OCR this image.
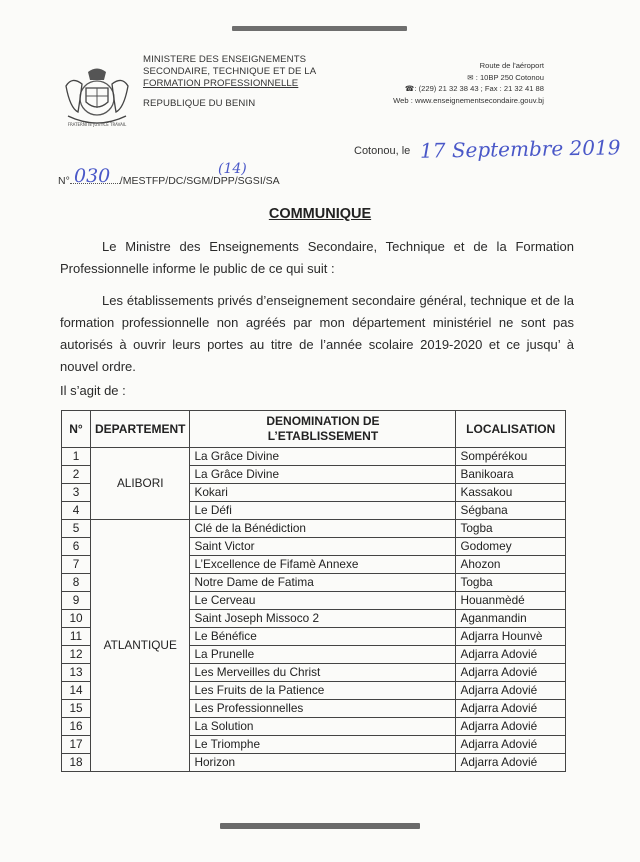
FRATERNITÉ JUSTICE TRAVAIL
MINISTERE DES ENSEIGNEMENTS
SECONDAIRE, TECHNIQUE ET DE LA
FORMATION PROFESSIONNELLE
REPUBLIQUE DU BENIN
Route de l'aéroport
✉ : 10BP 250 Cotonou
☎: (229) 21 32 38 43 ; Fax : 21 32 41 88
Web : www.enseignementsecondaire.gouv.bj
Cotonou, le 17 Septembre 2019
N°	/MESTFP/DC/SGM/DPP/SGSI/SA
030	(14)
COMMUNIQUE
Le Ministre des Enseignements Secondaire, Technique et de la Formation Professionnelle informe le public de ce qui suit :
Les établissements privés d’enseignement secondaire général, technique et de la formation professionnelle non agréés par mon département ministériel ne sont pas autorisés à ouvrir leurs portes au titre de l’année scolaire 2019-2020 et ce jusqu’ à nouvel ordre.
Il s’agit de :
N°	DEPARTEMENT	DENOMINATION DE L’ETABLISSEMENT	LOCALISATION
1	ALIBORI	La Grâce Divine	Sompérékou
2		La Grâce Divine	Banikoara
3		Kokari	Kassakou
4		Le Défi	Ségbana
5	ATLANTIQUE	Clé de la Bénédiction	Togba
6		Saint Victor	Godomey
7		L’Excellence de Fifamè Annexe	Ahozon
8		Notre Dame de Fatima	Togba
9		Le Cerveau	Houanmèdé
10		Saint Joseph Missoco 2	Aganmandin
11		Le Bénéfice	Adjarra Hounvè
12		La Prunelle	Adjarra Adovié
13		Les Merveilles du Christ	Adjarra Adovié
14		Les Fruits de la Patience	Adjarra Adovié
15		Les Professionnelles	Adjarra Adovié
16		La Solution	Adjarra Adovié
17		Le Triomphe	Adjarra Adovié
18		Horizon	Adjarra Adovié
